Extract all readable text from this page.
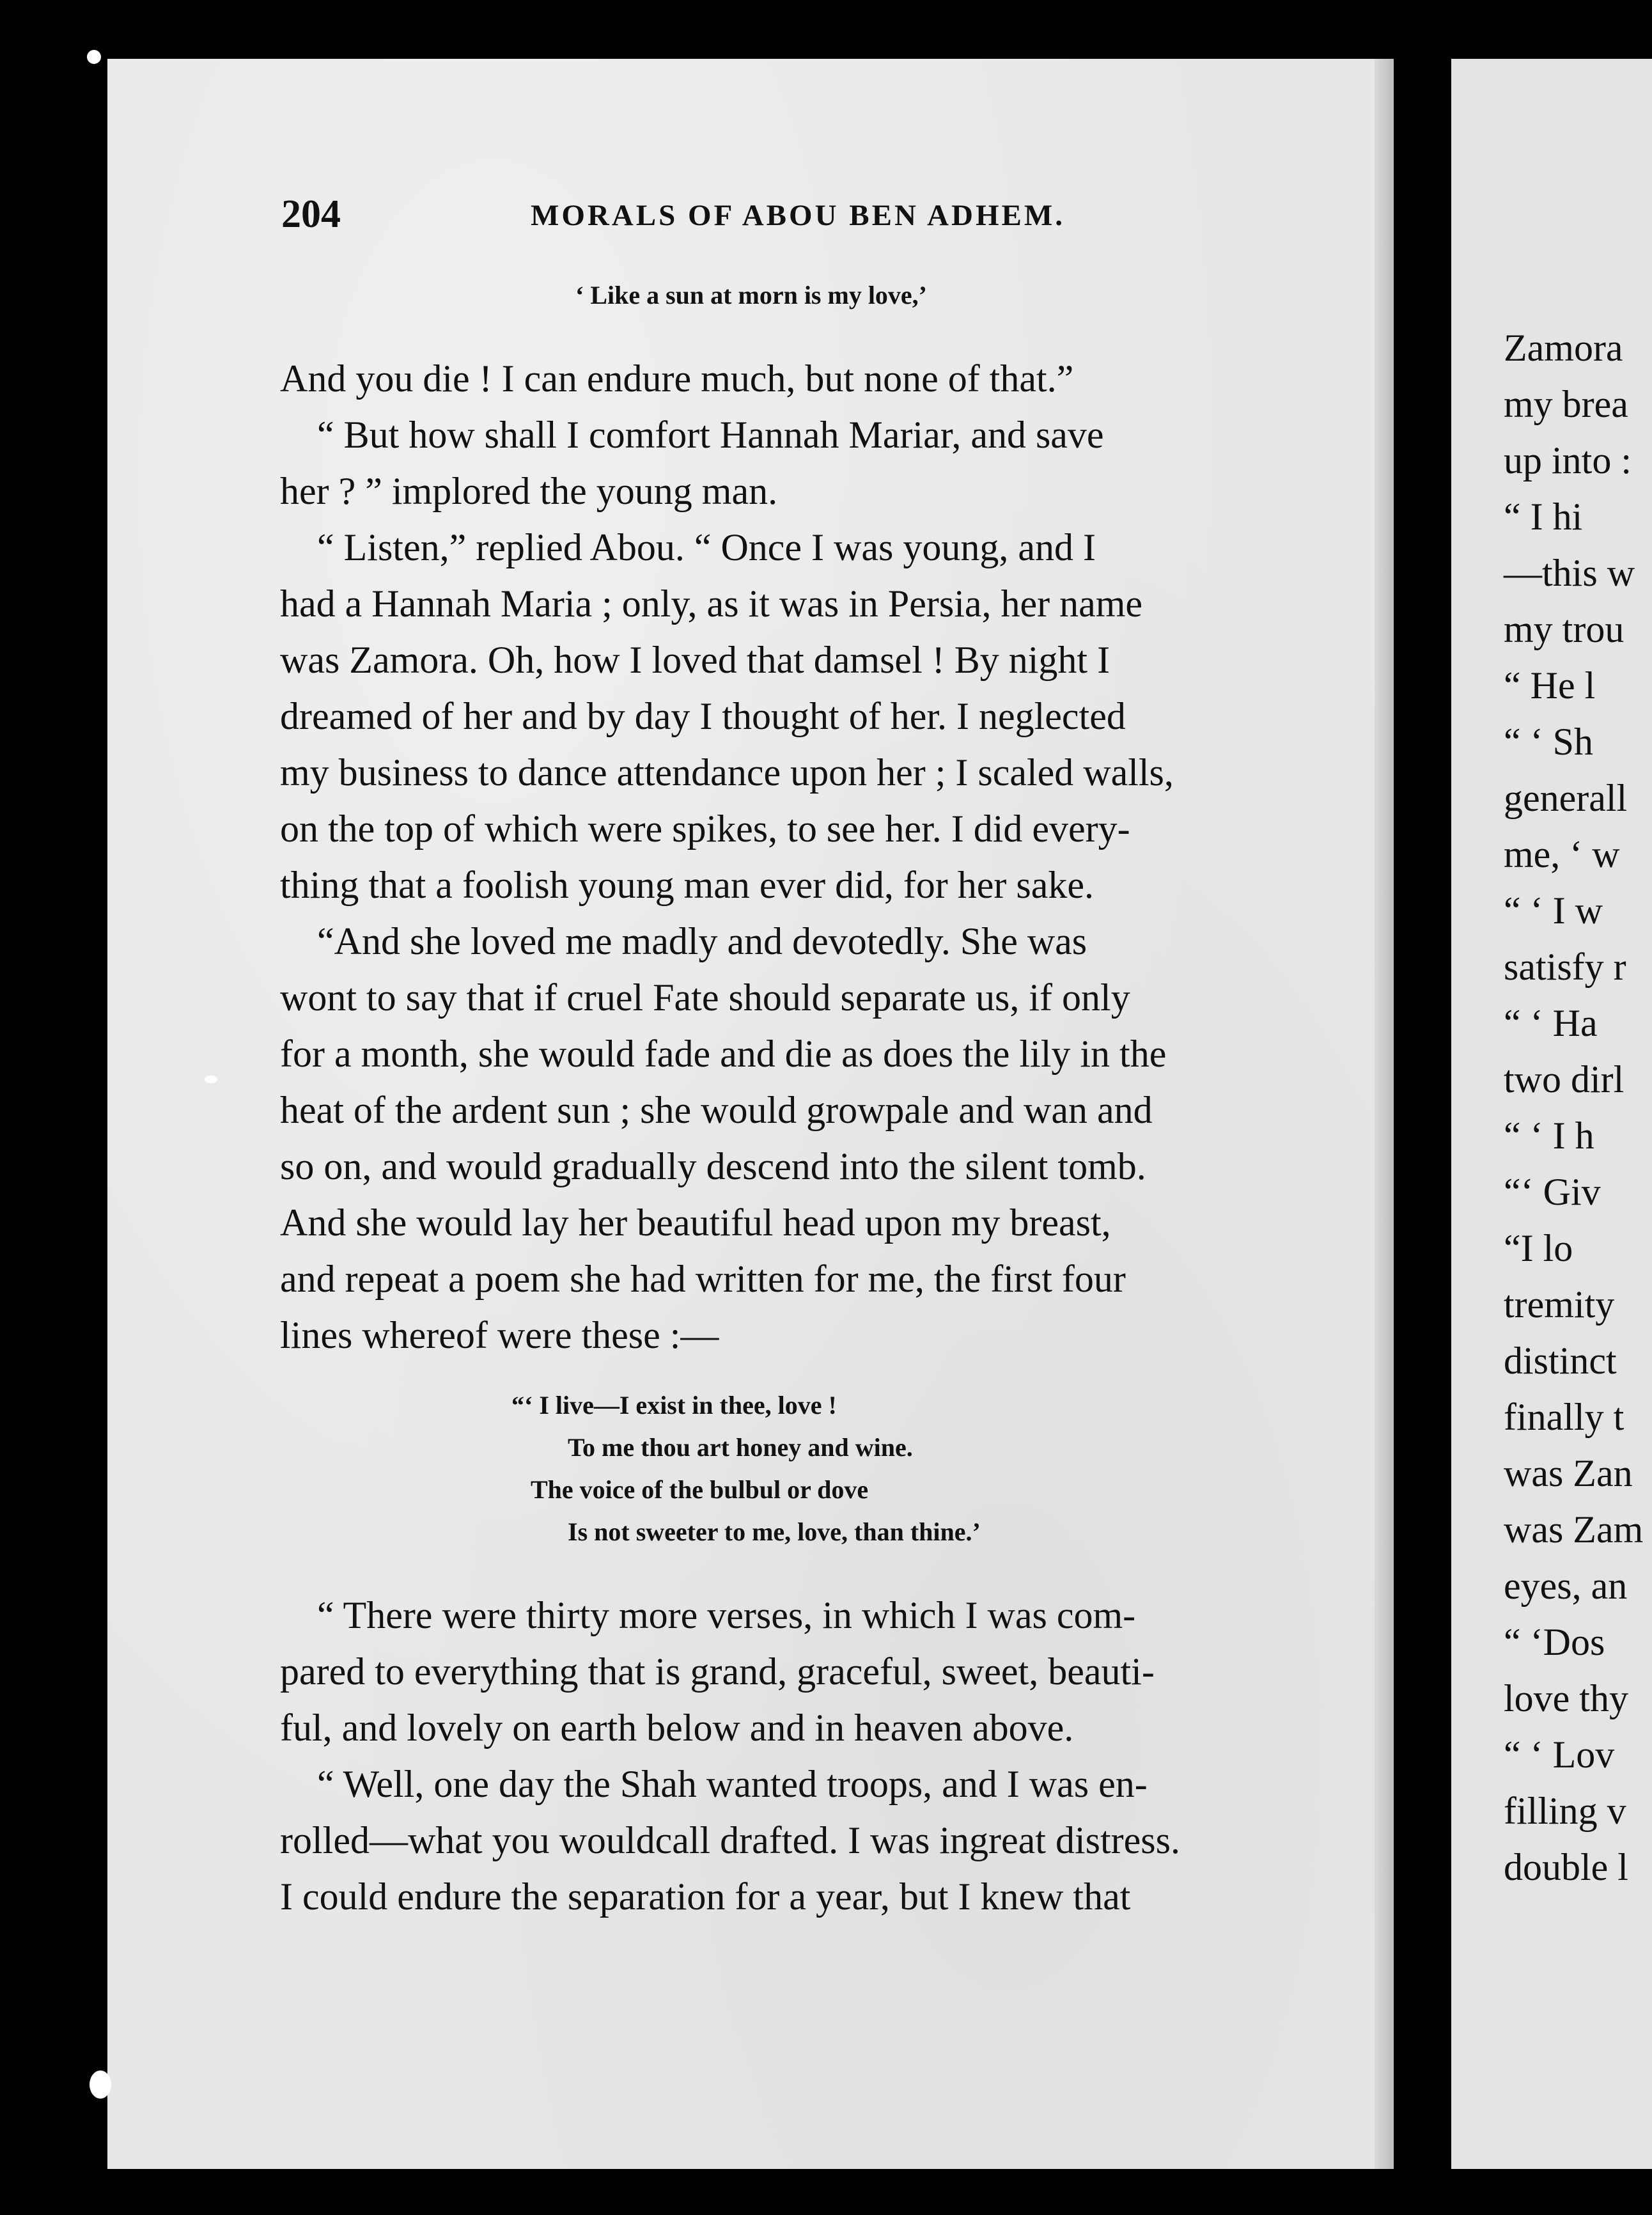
204	MORALS OF ABOU BEN ADHEM.
‘ Like a sun at morn is my love,’

And you die ! I can endure much, but none of that.”

“ But how shall I comfort Hannah Mariar, and save

her ? ” implored the young man.

“ Listen,” replied Abou. “ Once I was young, and I

had a Hannah Maria ; only, as it was in Persia, her name

was Zamora. Oh, how I loved that damsel ! By night I

dreamed of her and by day I thought of her. I neglected

my business to dance attendance upon her ; I scaled walls,

on the top of which were spikes, to see her. I did every-

thing that a foolish young man ever did, for her sake.

“And she loved me madly and devotedly. She was

wont to say that if cruel Fate should separate us, if only

for a month, she would fade and die as does the lily in the

heat of the ardent sun ; she would growpale and wan and

so on, and would gradually descend into the silent tomb.

And she would lay her beautiful head upon my breast,

and repeat a poem she had written for me, the first four

lines whereof were these :—

“‘ I live—I exist in thee, love !
To me thou art honey and wine.
The voice of the bulbul or dove
Is not sweeter to me, love, than thine.’

“ There were thirty more verses, in which I was com-

pared to everything that is grand, graceful, sweet, beauti-

ful, and lovely on earth below and in heaven above.

“ Well, one day the Shah wanted troops, and I was en-

rolled—what you wouldcall drafted. I was ingreat distress.

I could endure the separation for a year, but I knew that

Zamora
my brea
up into :
“ I hi
—this w
my trou
“ He l
“ ‘ Sh
generall
me, ‘ w
“ ‘ I w
satisfy r
“ ‘ Ha
two dirl
“ ‘ I h
“‘ Giv
“I lo
tremity
distinct
finally t
was Zan
was Zam
eyes, an
“ ‘Dos
love thy
“ ‘ Lov
filling v
double l
